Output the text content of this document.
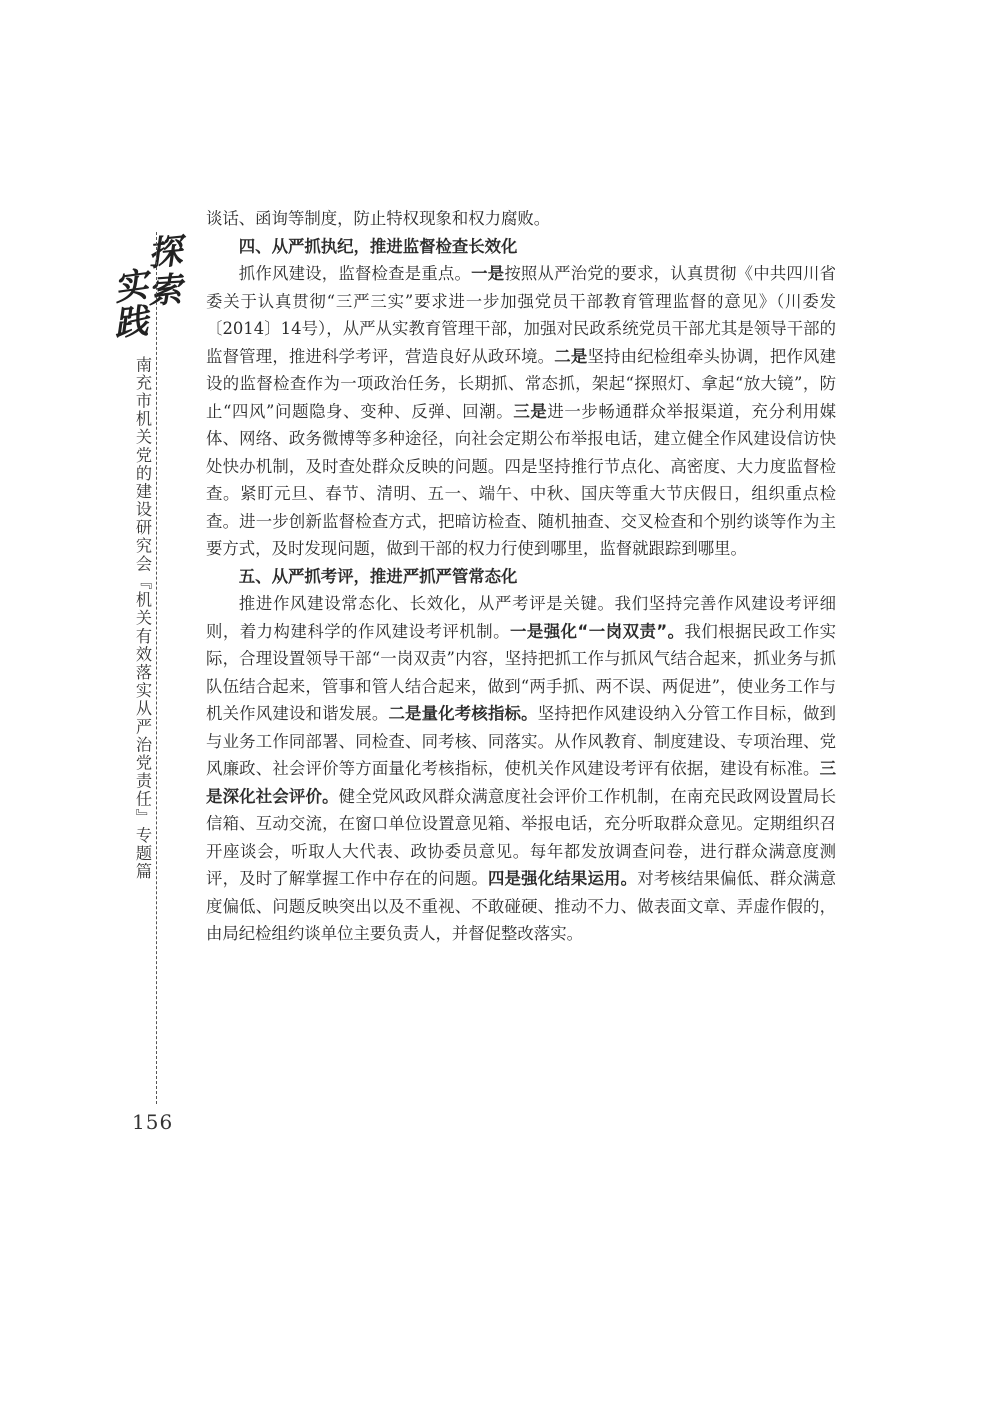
探
索
实
践
南充市机关党的建设研究会『机关有效落实从严治党责任』专题篇
156

谈话、函询等制度，防止特权现象和权力腐败。

四、从严抓执纪，推进监督检查长效化

抓作风建设，监督检查是重点。一是按照从严治党的要求，认真贯彻《中共四川省委关于认真贯彻“三严三实”要求进一步加强党员干部教育管理监督的意见》（川委发〔2014〕14号），从严从实教育管理干部，加强对民政系统党员干部尤其是领导干部的监督管理，推进科学考评，营造良好从政环境。二是坚持由纪检组牵头协调，把作风建设的监督检查作为一项政治任务，长期抓、常态抓，架起“探照灯、拿起“放大镜”，防止“四风”问题隐身、变种、反弹、回潮。三是进一步畅通群众举报渠道，充分利用媒体、网络、政务微博等多种途径，向社会定期公布举报电话，建立健全作风建设信访快处快办机制，及时查处群众反映的问题。四是坚持推行节点化、高密度、大力度监督检查。紧盯元旦、春节、清明、五一、端午、中秋、国庆等重大节庆假日，组织重点检查。进一步创新监督检查方式，把暗访检查、随机抽查、交叉检查和个别约谈等作为主要方式，及时发现问题，做到干部的权力行使到哪里，监督就跟踪到哪里。

五、从严抓考评，推进严抓严管常态化

推进作风建设常态化、长效化，从严考评是关键。我们坚持完善作风建设考评细则，着力构建科学的作风建设考评机制。一是强化“一岗双责”。我们根据民政工作实际，合理设置领导干部“一岗双责”内容，坚持把抓工作与抓风气结合起来，抓业务与抓队伍结合起来，管事和管人结合起来，做到“两手抓、两不误、两促进”，使业务工作与机关作风建设和谐发展。二是量化考核指标。坚持把作风建设纳入分管工作目标，做到与业务工作同部署、同检查、同考核、同落实。从作风教育、制度建设、专项治理、党风廉政、社会评价等方面量化考核指标，使机关作风建设考评有依据，建设有标准。三是深化社会评价。健全党风政风群众满意度社会评价工作机制，在南充民政网设置局长信箱、互动交流，在窗口单位设置意见箱、举报电话，充分听取群众意见。定期组织召开座谈会，听取人大代表、政协委员意见。每年都发放调查问卷，进行群众满意度测评，及时了解掌握工作中存在的问题。四是强化结果运用。对考核结果偏低、群众满意度偏低、问题反映突出以及不重视、不敢碰硬、推动不力、做表面文章、弄虚作假的，由局纪检组约谈单位主要负责人，并督促整改落实。
